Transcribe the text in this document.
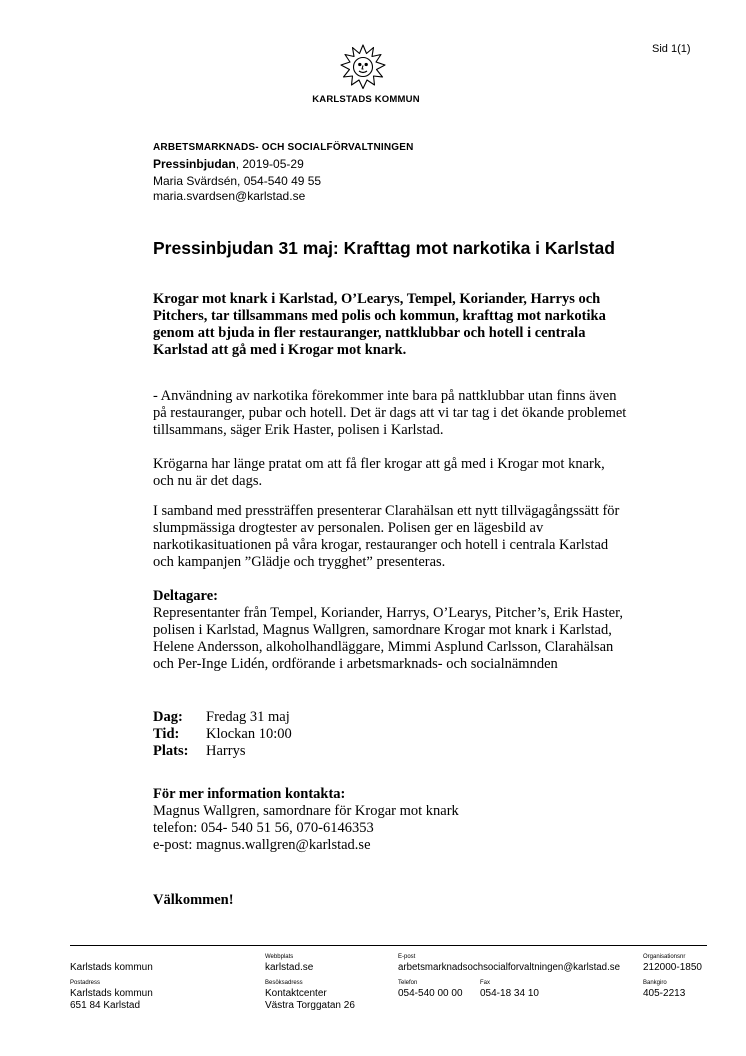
Sid 1(1)
KARLSTADS KOMMUN
ARBETSMARKNADS- OCH SOCIALFÖRVALTNINGEN
Pressinbjudan, 2019-05-29
Maria Svärdsén, 054-540 49 55
maria.svardsen@karlstad.se
Pressinbjudan 31 maj: Krafttag mot narkotika i Karlstad
Krogar mot knark i Karlstad, O’Learys, Tempel, Koriander, Harrys och Pitchers, tar tillsammans med polis och kommun, krafttag mot narkotika genom att bjuda in fler restauranger, nattklubbar och hotell i centrala Karlstad att gå med i Krogar mot knark.
- Användning av narkotika förekommer inte bara på nattklubbar utan finns även på restauranger, pubar och hotell. Det är dags att vi tar tag i det ökande problemet tillsammans, säger Erik Haster, polisen i Karlstad.
Krögarna har länge pratat om att få fler krogar att gå med i Krogar mot knark, och nu är det dags.
I samband med pressträffen presenterar Clarahälsan ett nytt tillvägagångssätt för slumpmässiga drogtester av personalen. Polisen ger en lägesbild av narkotikasituationen på våra krogar, restauranger och hotell i centrala Karlstad och kampanjen ”Glädje och trygghet” presenteras.
Deltagare:
Representanter från Tempel, Koriander, Harrys, O’Learys, Pitcher’s, Erik Haster, polisen i Karlstad, Magnus Wallgren, samordnare Krogar mot knark i Karlstad, Helene Andersson, alkoholhandläggare, Mimmi Asplund Carlsson, Clarahälsan och Per-Inge Lidén, ordförande i arbetsmarknads- och socialnämnden
Dag: Fredag 31 maj
Tid: Klockan 10:00
Plats: Harrys
För mer information kontakta:
Magnus Wallgren, samordnare för Krogar mot knark
telefon: 054- 540 51 56, 070-6146353
e-post: magnus.wallgren@karlstad.se
Välkommen!
Karlstads kommun
Webbplats
karlstad.se
E-post
arbetsmarknadsochsocialforvaltningen@karlstad.se
Organisationsnr
212000-1850
Postadress
Karlstads kommun
651 84 Karlstad
Besöksadress
Kontaktcenter
Västra Torggatan 26
Telefon
054-540 00 00
Fax
054-18 34 10
Bankgiro
405-2213
